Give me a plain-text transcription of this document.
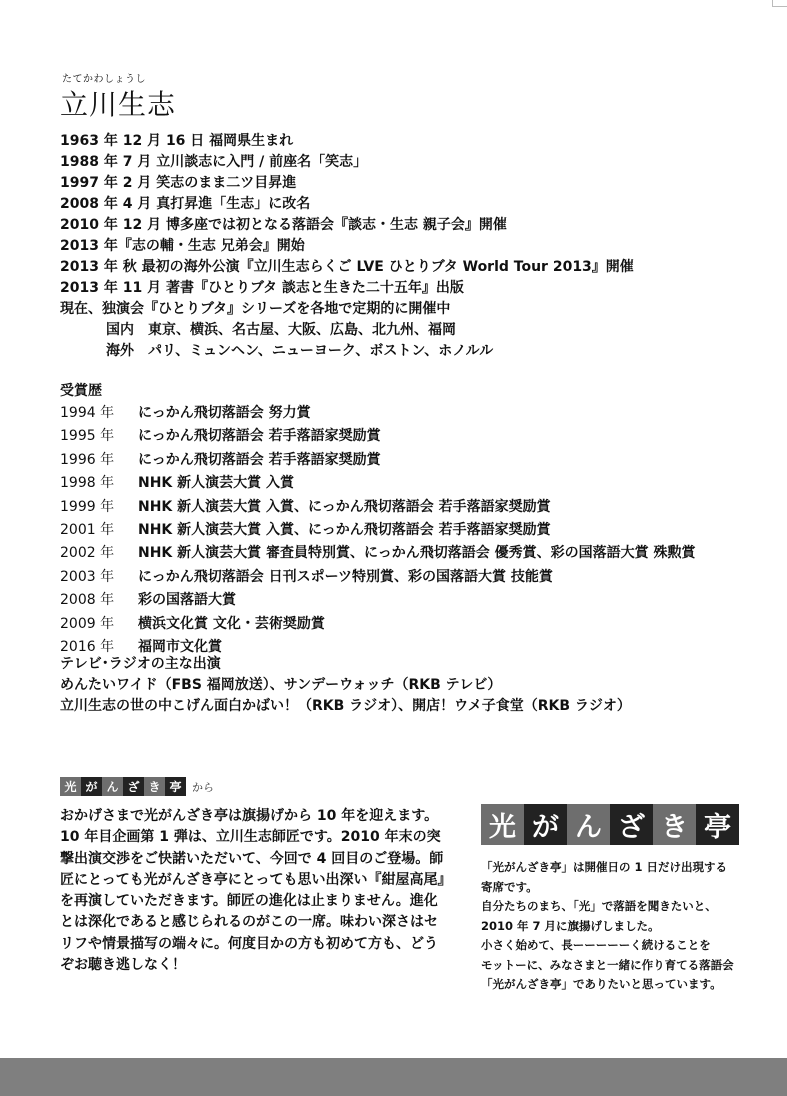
たてかわしょうし
立川生志
1963 年 12 月 16 日 福岡県生まれ
1988 年 7 月 立川談志に入門 / 前座名「笑志」
1997 年 2 月 笑志のまま二ツ目昇進
2008 年 4 月 真打昇進「生志」に改名
2010 年 12 月 博多座では初となる落語会『談志・生志 親子会』開催
2013 年『志の輔・生志 兄弟会』開始
2013 年 秋 最初の海外公演『立川生志らくご LVE ひとりブタ World Tour 2013』開催
2013 年 11 月 著書『ひとりブタ 談志と生きた二十五年』出版
現在、独演会『ひとりブタ』シリーズを各地で定期的に開催中
国内　東京、横浜、名古屋、大阪、広島、北九州、福岡
海外　パリ、ミュンヘン、ニューヨーク、ボストン、ホノルル
受賞歴
1994 年	にっかん飛切落語会 努力賞
1995 年	にっかん飛切落語会 若手落語家奨励賞
1996 年	にっかん飛切落語会 若手落語家奨励賞
1998 年	NHK 新人演芸大賞 入賞
1999 年	NHK 新人演芸大賞 入賞、にっかん飛切落語会 若手落語家奨励賞
2001 年	NHK 新人演芸大賞 入賞、にっかん飛切落語会 若手落語家奨励賞
2002 年	NHK 新人演芸大賞 審査員特別賞、にっかん飛切落語会 優秀賞、彩の国落語大賞 殊勲賞
2003 年	にっかん飛切落語会 日刊スポーツ特別賞、彩の国落語大賞 技能賞
2008 年	彩の国落語大賞
2009 年	横浜文化賞 文化・芸術奨励賞
2016 年	福岡市文化賞
テレビ･ラジオの主な出演
めんたいワイド（FBS 福岡放送）、サンデーウォッチ（RKB テレビ）
立川生志の世の中こげん面白かばい！（RKB ラジオ）、開店！ウメ子食堂（RKB ラジオ）
光 が ん ざ き 亭 から
おかげさまで光がんざき亭は旗揚げから 10 年を迎えます。10 年目企画第 1 弾は、立川生志師匠です。2010 年末の突撃出演交渉をご快諾いただいて、今回で 4 回目のご登場。師匠にとっても光がんざき亭にとっても思い出深い『紺屋高尾』を再演していただきます。師匠の進化は止まりません。進化とは深化であると感じられるのがこの一席。味わい深さはセリフや情景描写の端々に。何度目かの方も初めて方も、どうぞお聴き逃しなく！
光 が ん ざ き 亭
「光がんざき亭」は開催日の 1 日だけ出現する
寄席です。
自分たちのまち、「光」で落語を聞きたいと、
2010 年 7 月に旗揚げしました。
小さく始めて、長ーーーーーく続けることを
モットーに、みなさまと一緒に作り育てる落語会
「光がんざき亭」でありたいと思っています。
